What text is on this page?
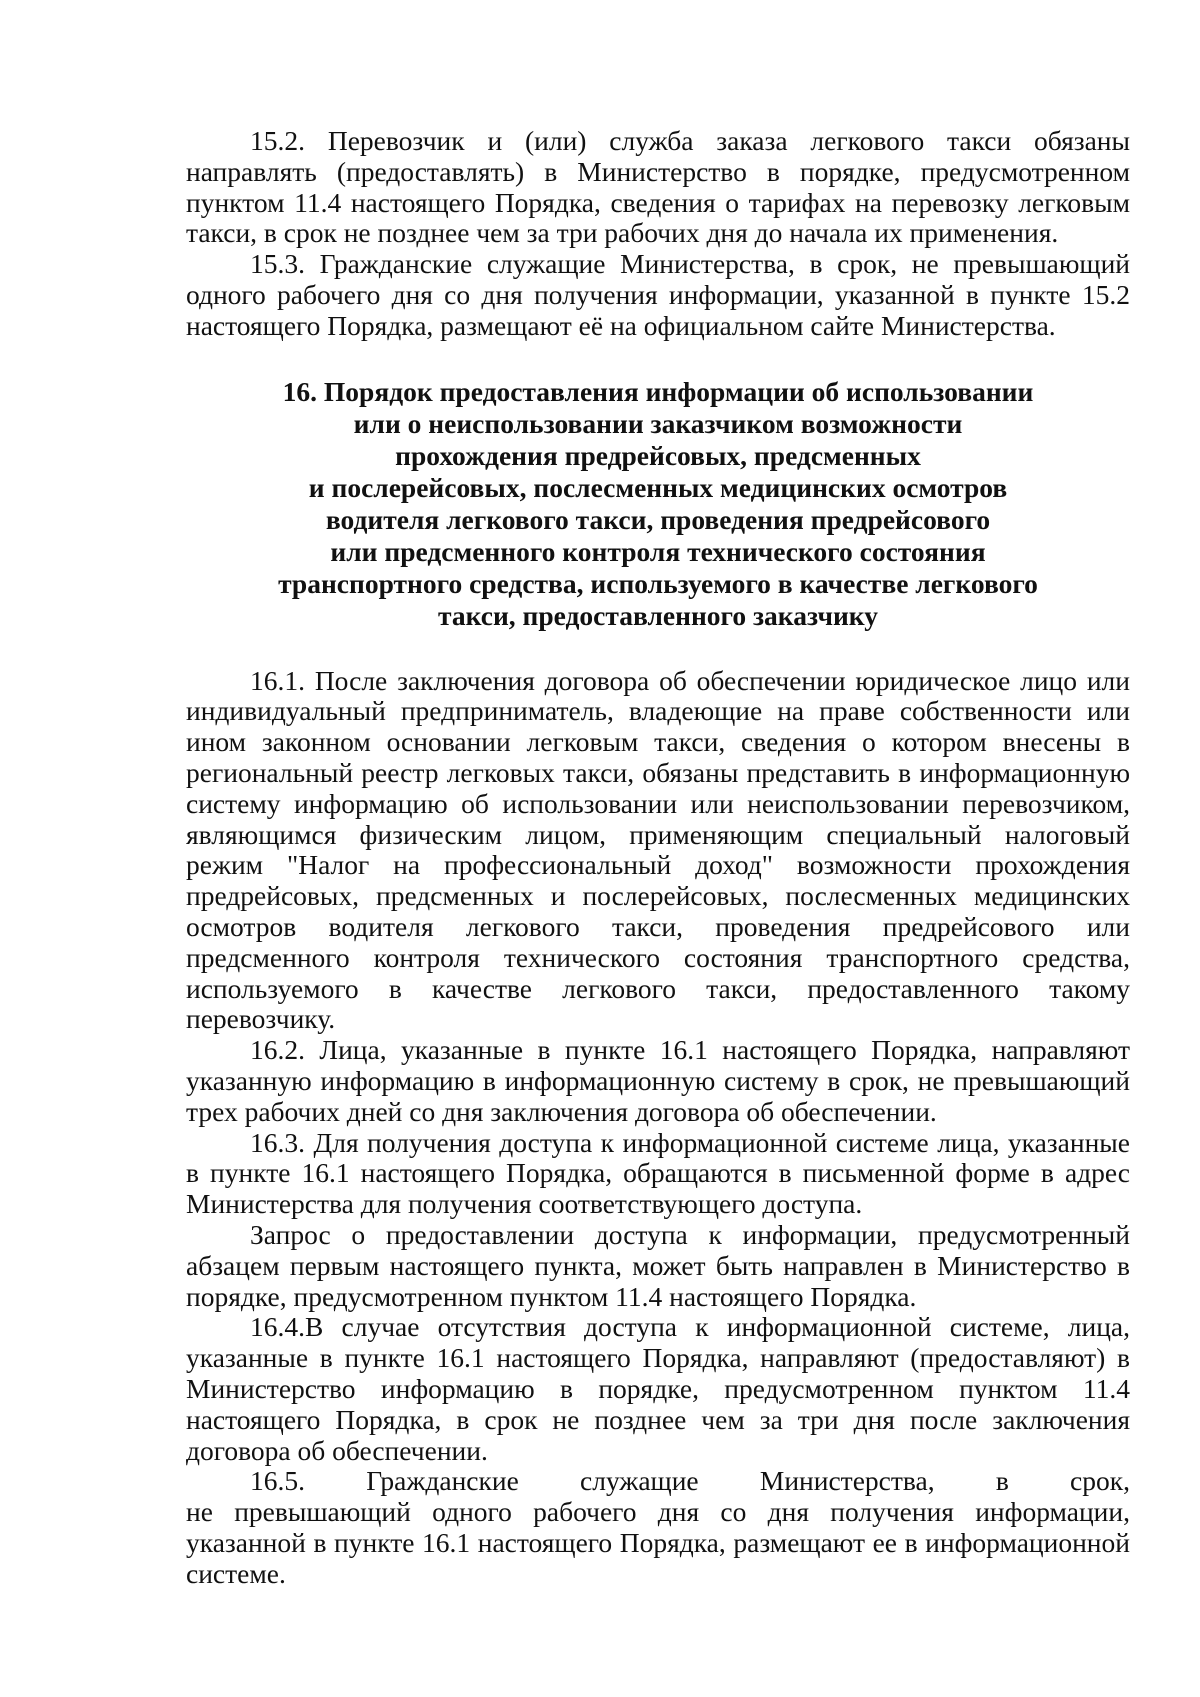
15.2. Перевозчик и (или) служба заказа легкового такси обязаны направлять (предоставлять) в Министерство в порядке, предусмотренном пунктом 11.4 настоящего Порядка, сведения о тарифах на перевозку легковым такси, в срок не позднее чем за три рабочих дня до начала их применения.

15.3. Гражданские служащие Министерства, в срок, не превышающий одного рабочего дня со дня получения информации, указанной в пункте 15.2 настоящего Порядка, размещают её на официальном сайте Министерства.

16. Порядок предоставления информации об использовании
или о неиспользовании заказчиком возможности
прохождения предрейсовых, предсменных
и послерейсовых, послесменных медицинских осмотров
водителя легкового такси, проведения предрейсового
или предсменного контроля технического состояния
транспортного средства, используемого в качестве легкового
такси, предоставленного заказчику

16.1. После заключения договора об обеспечении юридическое лицо или индивидуальный предприниматель, владеющие на праве собственности или ином законном основании легковым такси, сведения о котором внесены в региональный реестр легковых такси, обязаны представить в информационную систему информацию об использовании или неиспользовании перевозчиком, являющимся физическим лицом, применяющим специальный налоговый режим "Налог на профессиональный доход" возможности прохождения предрейсовых, предсменных и послерейсовых, послесменных медицинских осмотров водителя легкового такси, проведения предрейсового или предсменного контроля технического состояния транспортного средства, используемого в качестве легкового такси, предоставленного такому перевозчику.

16.2. Лица, указанные в пункте 16.1 настоящего Порядка, направляют указанную информацию в информационную систему в срок, не превышающий трех рабочих дней со дня заключения договора об обеспечении.

16.3. Для получения доступа к информационной системе лица, указанные в пункте 16.1 настоящего Порядка, обращаются в письменной форме в адрес Министерства для получения соответствующего доступа.

Запрос о предоставлении доступа к информации, предусмотренный абзацем первым настоящего пункта, может быть направлен в Министерство в порядке, предусмотренном пунктом 11.4 настоящего Порядка.

16.4.В случае отсутствия доступа к информационной системе, лица, указанные в пункте 16.1 настоящего Порядка, направляют (предоставляют) в Министерство информацию в порядке, предусмотренном пунктом 11.4 настоящего Порядка, в срок не позднее чем за три дня после заключения договора об обеспечении.

16.5. Гражданские служащие Министерства, в срок,

не превышающий одного рабочего дня со дня получения информации, указанной в пункте 16.1 настоящего Порядка, размещают ее в информационной системе.
